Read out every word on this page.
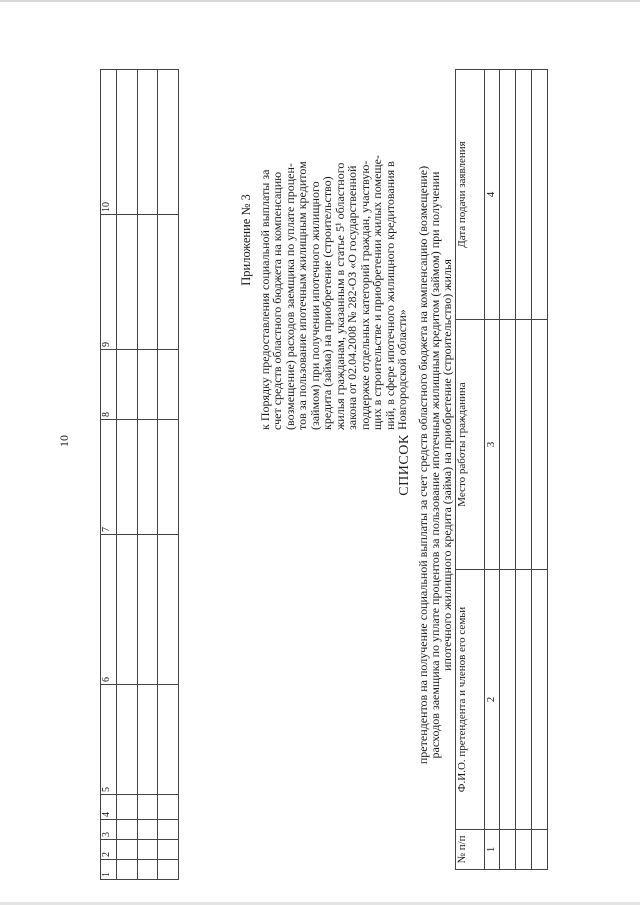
10
1	2	3	4	5	6	7	8	9	10

										Приложение № 3 к Порядку предоставления социальной выплаты за
счет средств областного бюджета на компенсацию
(возмещение) расходов заемщика по уплате процен-
тов за пользование ипотечным жилищным кредитом
(займом) при получении ипотечного жилищного
кредита (займа) на приобретение (строительство)
жилья гражданам, указанным в статье 5¹ областного
закона от 02.04.2008 № 282-ОЗ «О государственной
поддержке отдельных категорий граждан, участвую-
щих в строительстве и приобретении жилых помеще-
ний, в сфере ипотечного жилищного кредитования в
Новгородской области»
СПИСОК претендентов на получение социальной выплаты за счет средств областного бюджета на компенсацию (возмещение)
расходов заемщика по уплате процентов за пользование ипотечным жилищным кредитом (займом) при получении
ипотечного жилищного кредита (займа) на приобретение (строительство) жилья
№ п/п	Ф.И.О. претендента и членов его семьи	Место работы гражданина	Дата подачи заявления
1	2	3	4
